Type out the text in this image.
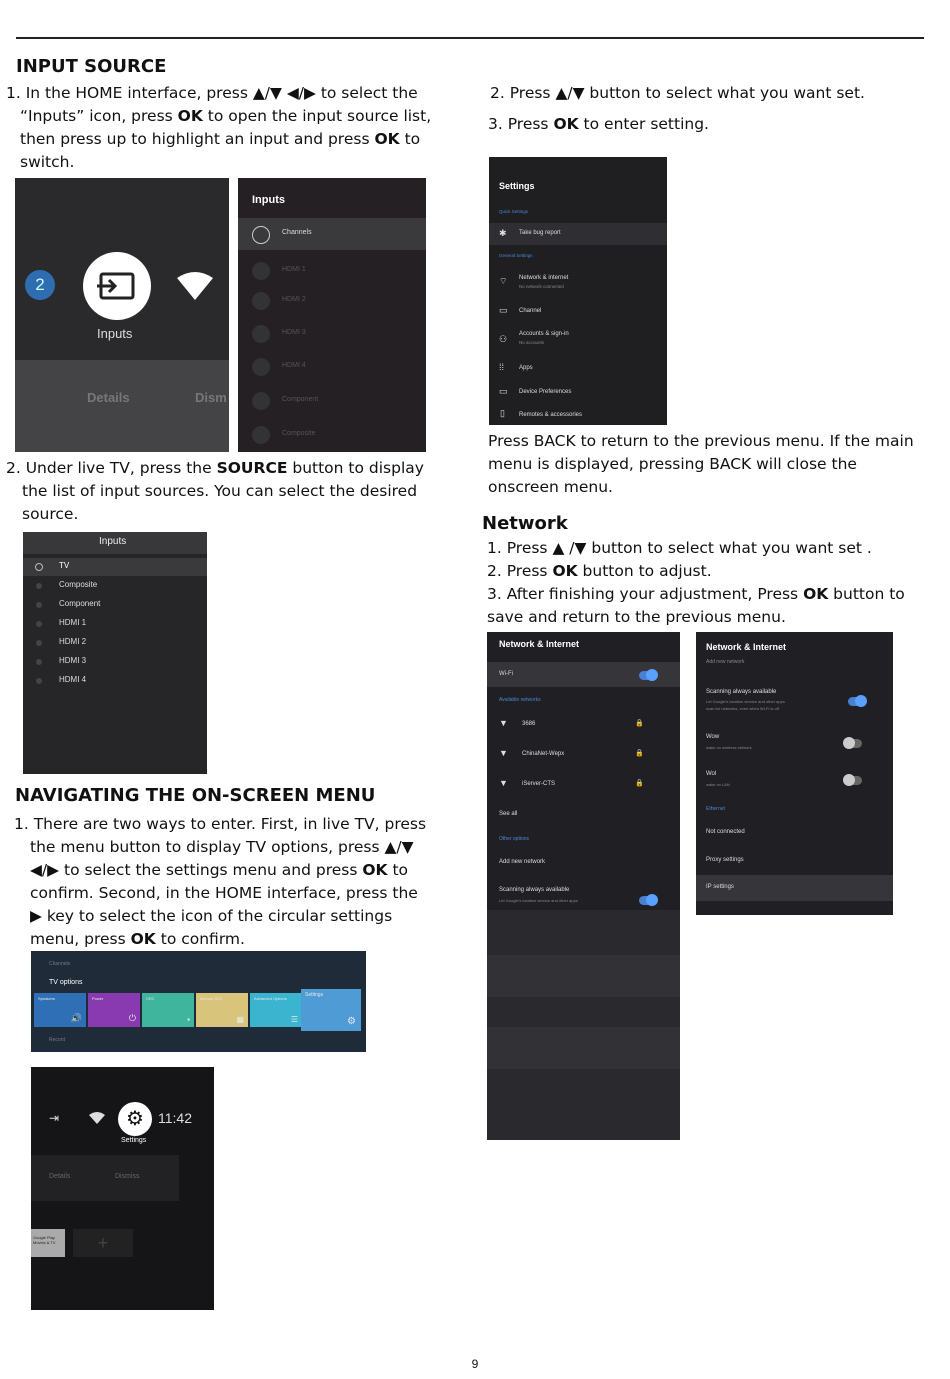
INPUT SOURCE
1. In the HOME interface, press ▲/▼ ◀/▶ to select the “Inputs” icon, press OK to open the input source list, then press up to highlight an input and press OK to switch.
2
Inputs
Details	Dism
Inputs
Channels
HDMI 1
HDMI 2
HDMI 3
HDMI 4
Component
Composite
2. Under live TV, press the SOURCE button to display the list of input sources. You can select the desired source.
Inputs
TV
Composite
Component
HDMI 1
HDMI 2
HDMI 3
HDMI 4
NAVIGATING THE ON-SCREEN MENU
1. There are two ways to enter. First, in live TV, press the menu button to display TV options, press ▲/▼ ◀/▶ to select the settings menu and press OK to confirm. Second, in the HOME interface, press the ▶ key to select the icon of the circular settings menu, press OK to confirm.
Channels
TV options
Speakers
🔊
Power
⏻
CEC
▪
Manual CEC
▦
Advanced Options
☰
Settings
⚙
Record
⇥	⚙	11:42
Settings
Details	Dismiss
Google Play Movies & TV	+
2. Press ▲/▼ button to select what you want set.
3. Press OK to enter setting.
Settings
Quick Settings
✱ Take bug report
General Settings
⌔ Network & internet
No network connected
▭ Channel
⚇ Accounts & sign-in
No accounts
⁞⁞ Apps
▭ Device Preferences
▯ Remotes & accessories
Press BACK to return to the previous menu. If the main menu is displayed, pressing BACK will close the onscreen menu.
Network
1. Press ▲ /▼ button to select what you want set .
2. Press OK button to adjust.
3. After finishing your adjustment, Press OK button to save and return to the previous menu.
Network & Internet
Wi-Fi
Available networks
▼ 3686	🔒
▼ ChinaNet-Wepx	🔒
▼ iServer-CTS	🔒
See all
Other options
Add new network
Scanning always available
Let Google's location service and other apps
Network & Internet
Add new network
Scanning always available
Let Google's location service and other apps
scan for networks, even when Wi-Fi is off
Wow
wake on wireless network
Wol
wake on LAN
Ethernet
Not connected
Proxy settings
IP settings
9
